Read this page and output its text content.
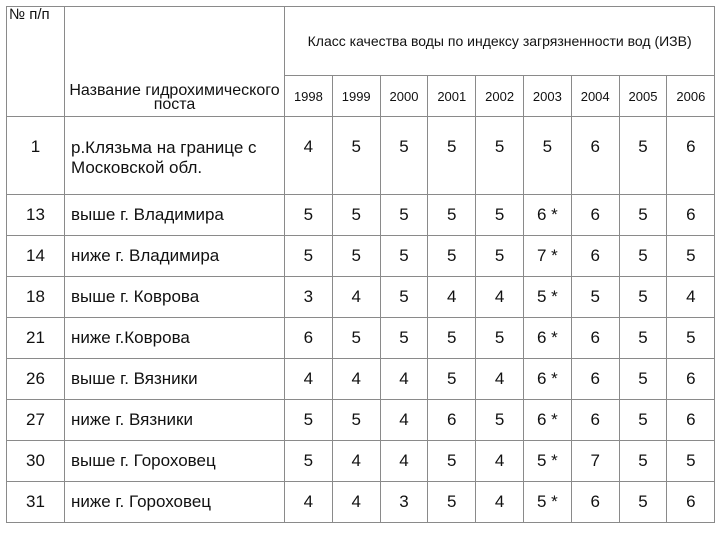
№ п/п	Название гидрохимического поста	Класс качества воды по индексу загрязненности вод (ИЗВ)								
		1998	1999	2000	2001	2002	2003	2004	2005	2006
1	р.Клязьма на границе с Московской обл.	4	5	5	5	5	5	6	5	6
13	выше г. Владимира	5	5	5	5	5	6 *	6	5	6
14	ниже г. Владимира	5	5	5	5	5	7 *	6	5	5
18	выше г. Коврова	3	4	5	4	4	5 *	5	5	4
21	ниже г.Коврова	6	5	5	5	5	6 *	6	5	5
26	выше г. Вязники	4	4	4	5	4	6 *	6	5	6
27	ниже г. Вязники	5	5	4	6	5	6 *	6	5	6
30	выше г. Гороховец	5	4	4	5	4	5 *	7	5	5
31	ниже г. Гороховец	4	4	3	5	4	5 *	6	5	6
